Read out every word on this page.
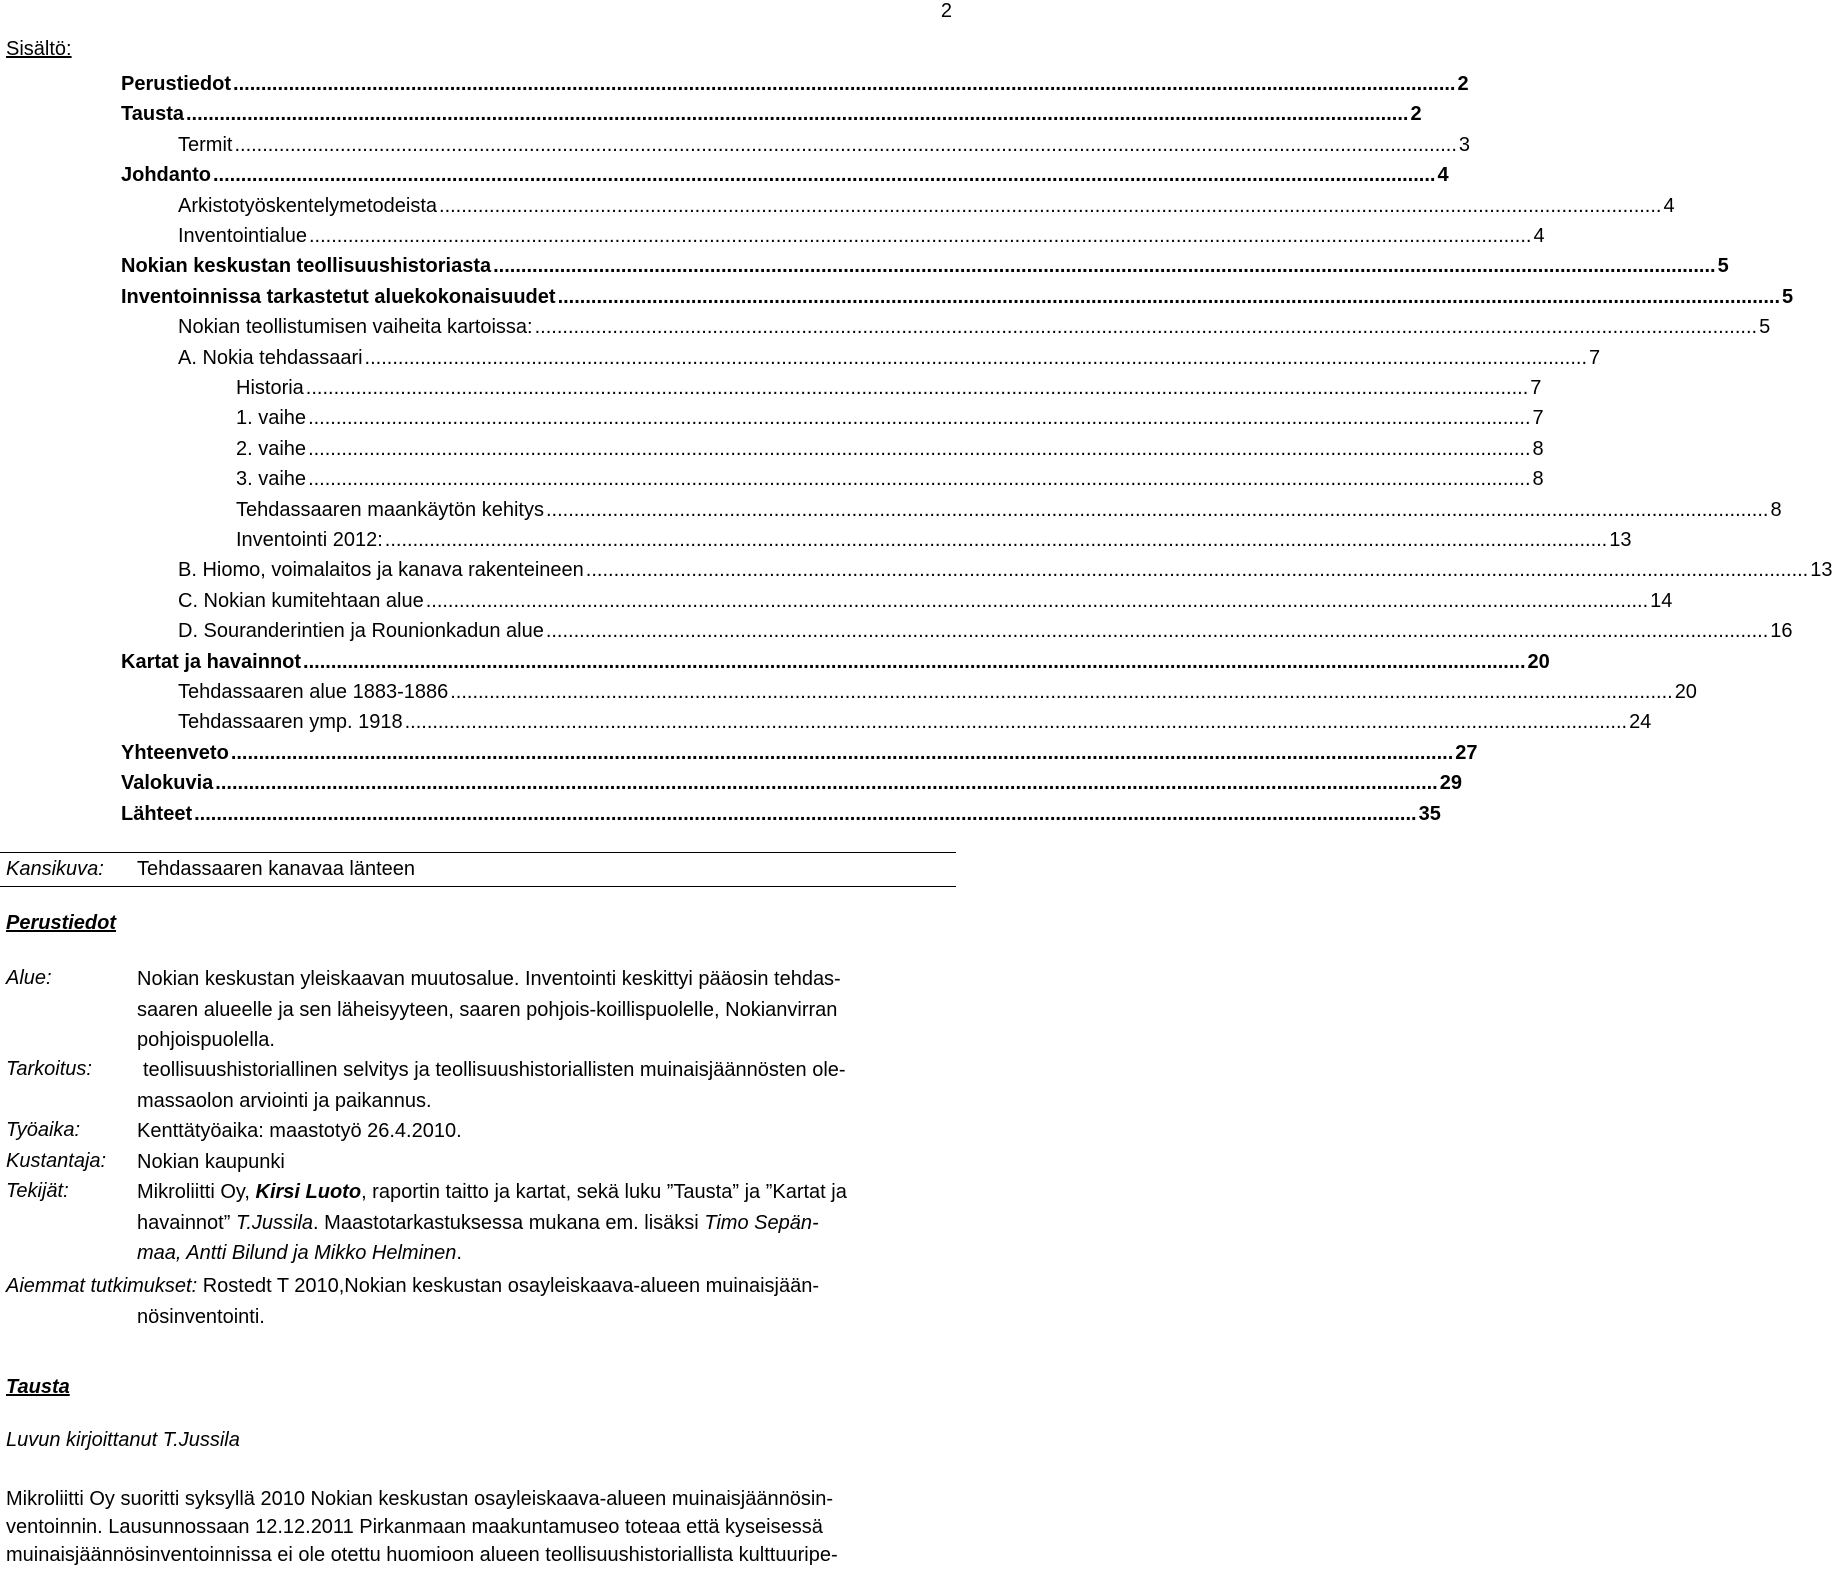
2
Sisältö:
Perustiedot ............................................................................................................................................................................................................................ 2
Tausta ............................................................................................................................................................................................................................ 2
Termit ............................................................................................................................................................................................................................ 3
Johdanto ............................................................................................................................................................................................................................ 4
Arkistotyöskentelymetodeista ............................................................................................................................................................................................................................ 4
Inventointialue ............................................................................................................................................................................................................................ 4
Nokian keskustan teollisuushistoriasta ............................................................................................................................................................................................................................ 5
Inventoinnissa tarkastetut aluekokonaisuudet ............................................................................................................................................................................................................................ 5
Nokian teollistumisen vaiheita kartoissa: ............................................................................................................................................................................................................................ 5
A. Nokia tehdassaari ............................................................................................................................................................................................................................ 7
Historia ............................................................................................................................................................................................................................ 7
1. vaihe ............................................................................................................................................................................................................................ 7
2. vaihe ............................................................................................................................................................................................................................ 8
3. vaihe ............................................................................................................................................................................................................................ 8
Tehdassaaren maankäytön kehitys ............................................................................................................................................................................................................................ 8
Inventointi 2012: ............................................................................................................................................................................................................................ 13
B. Hiomo, voimalaitos ja kanava rakenteineen ............................................................................................................................................................................................................................ 13
C. Nokian kumitehtaan alue ............................................................................................................................................................................................................................ 14
D. Souranderintien ja Rounionkadun alue ............................................................................................................................................................................................................................ 16
Kartat ja havainnot ............................................................................................................................................................................................................................ 20
Tehdassaaren alue 1883-1886 ............................................................................................................................................................................................................................ 20
Tehdassaaren ymp. 1918 ............................................................................................................................................................................................................................ 24
Yhteenveto ............................................................................................................................................................................................................................ 27
Valokuvia ............................................................................................................................................................................................................................ 29
Lähteet ............................................................................................................................................................................................................................ 35
Kansikuva: Tehdassaaren kanavaa länteen
Perustiedot
Alue:	Nokian keskustan yleiskaavan muutosalue. Inventointi keskittyi pääosin tehdas-
saaren alueelle ja sen läheisyyteen, saaren pohjois-koillispuolelle, Nokianvirran
pohjoispuolella.
Tarkoitus:	teollisuushistoriallinen selvitys ja teollisuushistoriallisten muinaisjäännösten ole-
massaolon arviointi ja paikannus.
Työaika:	Kenttätyöaika: maastotyö 26.4.2010.
Kustantaja: Nokian kaupunki
Tekijät:	Mikroliitti Oy, Kirsi Luoto, raportin taitto ja kartat, sekä luku ”Tausta” ja ”Kartat ja
havainnot” T.Jussila. Maastotarkastuksessa mukana em. lisäksi Timo Sepän-
maa, Antti Bilund ja Mikko Helminen.
Aiemmat tutkimukset: Rostedt T 2010,Nokian keskustan osayleiskaava-alueen muinaisjään-
nösinventointi.
Tausta
Luvun kirjoittanut T.Jussila
Mikroliitti Oy suoritti syksyllä 2010 Nokian keskustan osayleiskaava-alueen muinaisjäännösin-
ventoinnin. Lausunnossaan 12.12.2011 Pirkanmaan maakuntamuseo toteaa että kyseisessä
muinaisjäännösinventoinnissa ei ole otettu huomioon alueen teollisuushistoriallista kulttuuripe-
